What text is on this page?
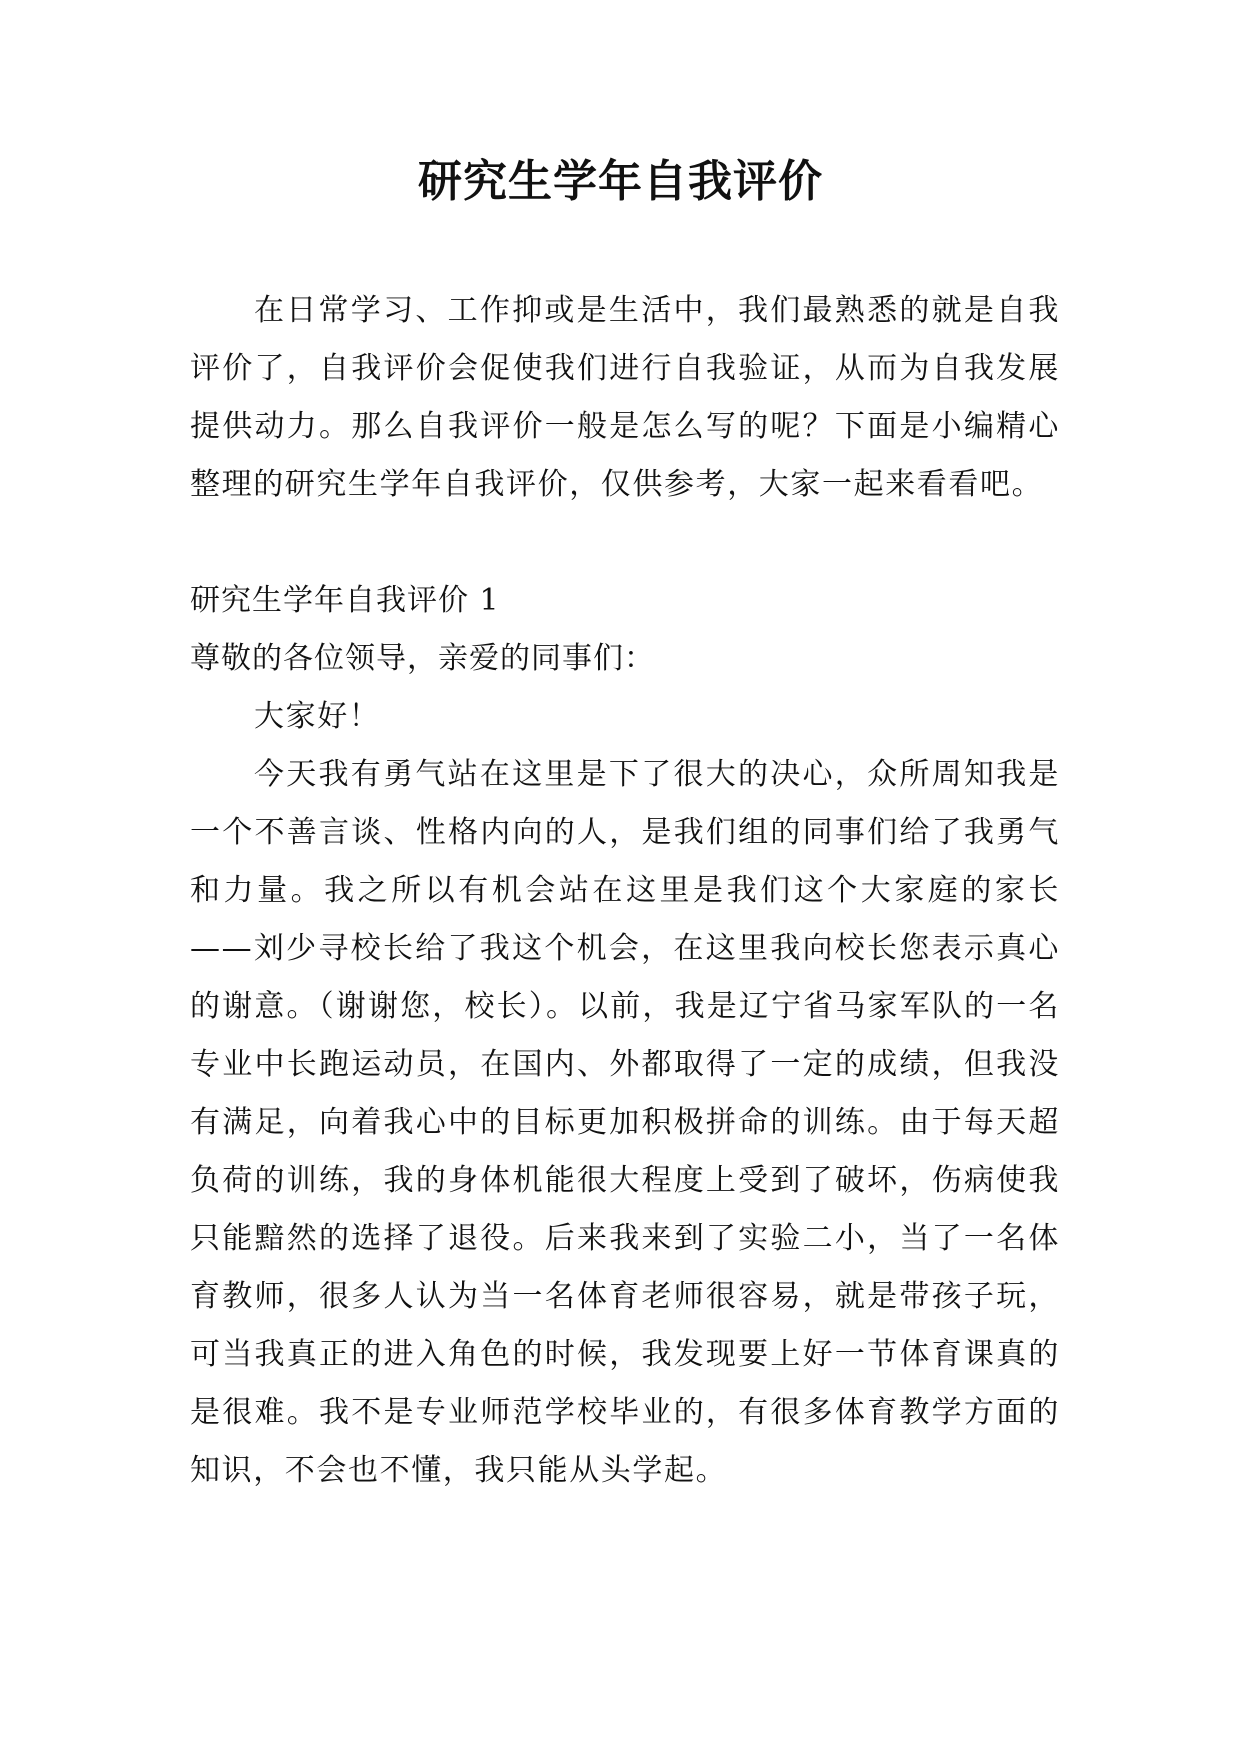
研究生学年自我评价

在日常学习、工作抑或是生活中，我们最熟悉的就是自我评价了，自我评价会促使我们进行自我验证，从而为自我发展提供动力。那么自我评价一般是怎么写的呢？下面是小编精心整理的研究生学年自我评价，仅供参考，大家一起来看看吧。

研究生学年自我评价 1

尊敬的各位领导，亲爱的同事们：

大家好！

今天我有勇气站在这里是下了很大的决心，众所周知我是一个不善言谈、性格内向的人，是我们组的同事们给了我勇气和力量。我之所以有机会站在这里是我们这个大家庭的家长——刘少寻校长给了我这个机会，在这里我向校长您表示真心的谢意。（谢谢您，校长）。以前，我是辽宁省马家军队的一名专业中长跑运动员，在国内、外都取得了一定的成绩，但我没有满足，向着我心中的目标更加积极拼命的训练。由于每天超负荷的训练，我的身体机能很大程度上受到了破坏，伤病使我只能黯然的选择了退役。后来我来到了实验二小，当了一名体育教师，很多人认为当一名体育老师很容易，就是带孩子玩，可当我真正的进入角色的时候，我发现要上好一节体育课真的是很难。我不是专业师范学校毕业的，有很多体育教学方面的知识，不会也不懂，我只能从头学起。
